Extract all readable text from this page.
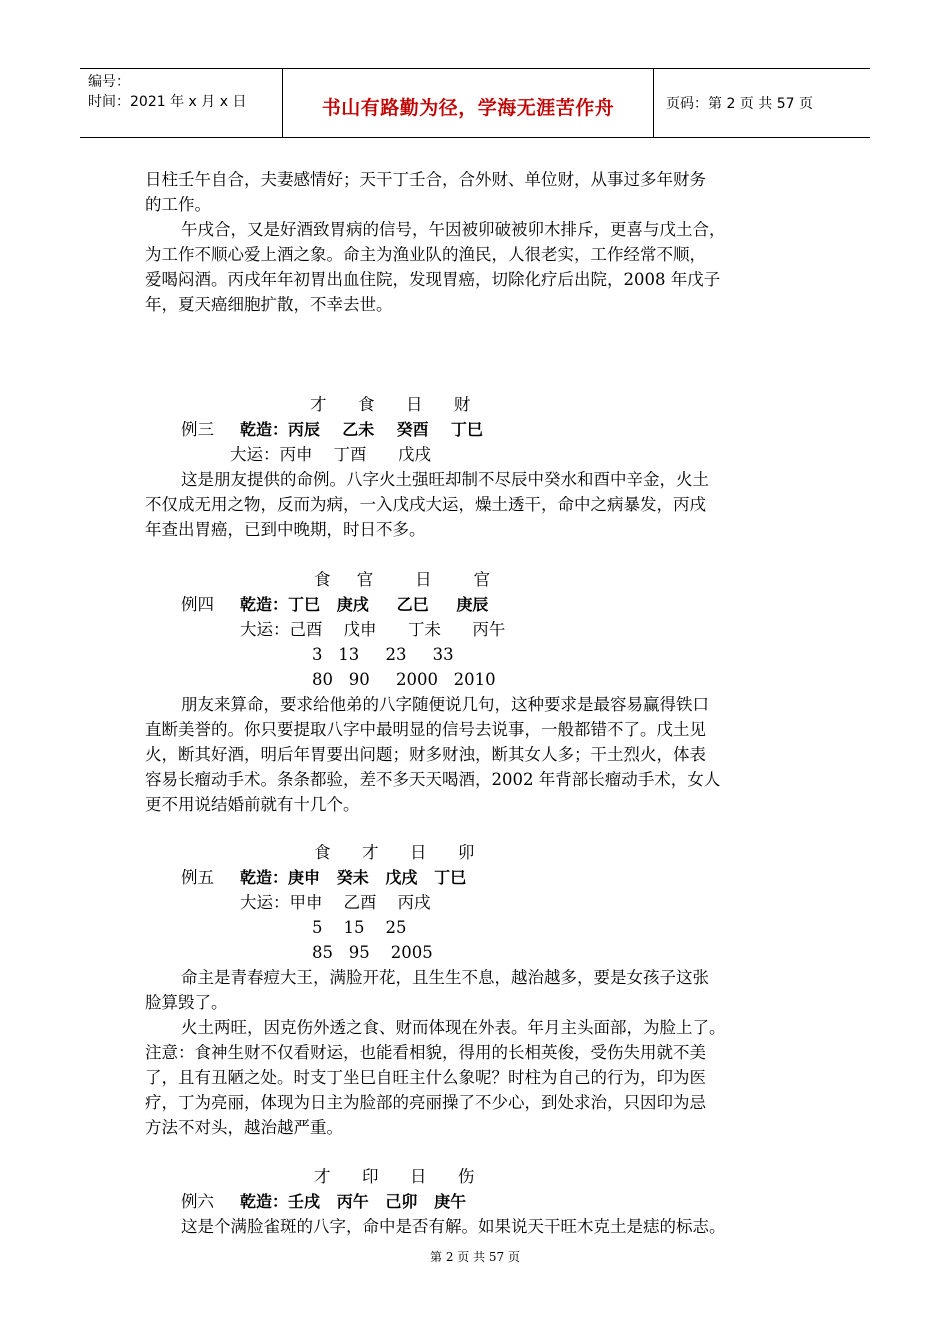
编号：
时间：2021 年 x 月 x 日	书山有路勤为径，学海无涯苦作舟	页码：第 2 页 共 57 页
日柱壬午自合，夫妻感情好；天干丁壬合，合外财、单位财，从事过多年财务
的工作。
午戌合，又是好酒致胃病的信号，午因被卯破被卯木排斥，更喜与戊土合，
为工作不顺心爱上酒之象。命主为渔业队的渔民，人很老实，工作经常不顺，
爱喝闷酒。丙戌年年初胃出血住院，发现胃癌，切除化疗后出院，2008 年戊子
年，夏天癌细胞扩散，不幸去世。
才      食      日      财
例三 乾造：丙辰    乙未    癸酉    丁巳
大运：丙申    丁酉      戊戌
这是朋友提供的命例。八字火土强旺却制不尽辰中癸水和酉中辛金，火土
不仅成无用之物，反而为病，一入戊戌大运，燥土透干，命中之病暴发，丙戌
年查出胃癌，已到中晚期，时日不多。
食     官        日        官
例四 乾造：丁巳   庚戌     乙巳     庚辰
大运：己酉    戊申      丁未      丙午
3   13     23     33
80   90     2000   2010
朋友来算命，要求给他弟的八字随便说几句，这种要求是最容易赢得铁口
直断美誉的。你只要提取八字中最明显的信号去说事，一般都错不了。戊土见
火，断其好酒，明后年胃要出问题；财多财浊，断其女人多；干土烈火，体表
容易长瘤动手术。条条都验，差不多天天喝酒，2002 年背部长瘤动手术，女人
更不用说结婚前就有十几个。
食      才      日      卯
例五 乾造：庚申   癸未   戊戌   丁巳
大运：甲申    乙酉    丙戌
5    15    25
85   95    2005
命主是青春痘大王，满脸开花，且生生不息，越治越多，要是女孩子这张
脸算毁了。
火土两旺，因克伤外透之食、财而体现在外表。年月主头面部，为脸上了。
注意：食神生财不仅看财运，也能看相貌，得用的长相英俊，受伤失用就不美
了，且有丑陋之处。时支丁坐巳自旺主什么象呢？时柱为自己的行为，印为医
疗，丁为亮丽，体现为日主为脸部的亮丽操了不少心，到处求治，只因印为忌
方法不对头，越治越严重。
才      印      日      伤
例六 乾造：壬戌   丙午   己卯   庚午
这是个满脸雀斑的八字，命中是否有解。如果说天干旺木克土是痣的标志。
第 2 页 共 57 页
